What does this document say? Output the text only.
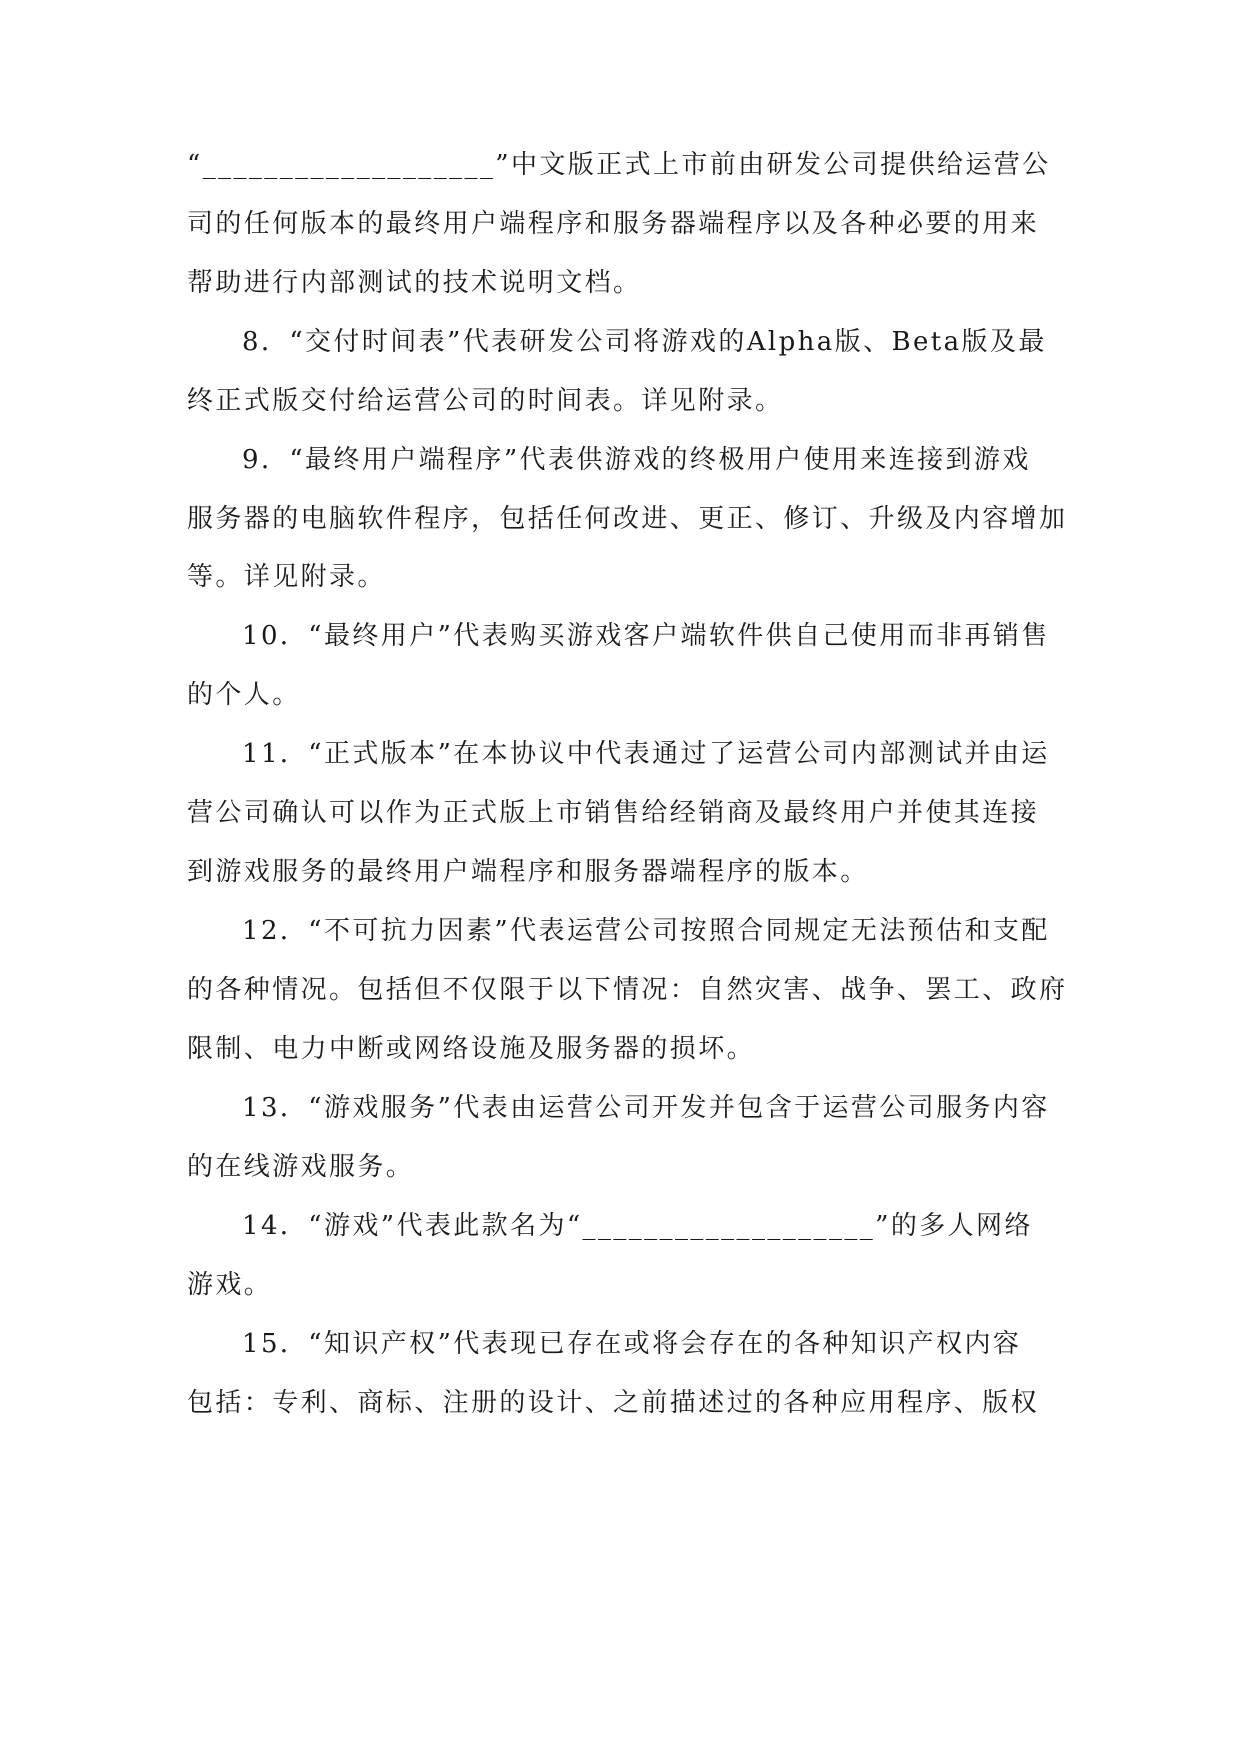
“___________________”中文版正式上市前由研发公司提供给运营公
司的任何版本的最终用户端程序和服务器端程序以及各种必要的用来
帮助进行内部测试的技术说明文档。
8．“交付时间表”代表研发公司将游戏的Alpha版、Beta版及最
终正式版交付给运营公司的时间表。详见附录。
9．“最终用户端程序”代表供游戏的终极用户使用来连接到游戏
服务器的电脑软件程序，包括任何改进、更正、修订、升级及内容增加
等。详见附录。
10．“最终用户”代表购买游戏客户端软件供自己使用而非再销售
的个人。
11．“正式版本”在本协议中代表通过了运营公司内部测试并由运
营公司确认可以作为正式版上市销售给经销商及最终用户并使其连接
到游戏服务的最终用户端程序和服务器端程序的版本。
12．“不可抗力因素”代表运营公司按照合同规定无法预估和支配
的各种情况。包括但不仅限于以下情况：自然灾害、战争、罢工、政府
限制、电力中断或网络设施及服务器的损坏。
13．“游戏服务”代表由运营公司开发并包含于运营公司服务内容
的在线游戏服务。
14．“游戏”代表此款名为“___________________”的多人网络
游戏。
15．“知识产权”代表现已存在或将会存在的各种知识产权内容
包括：专利、商标、注册的设计、之前描述过的各种应用程序、版权
